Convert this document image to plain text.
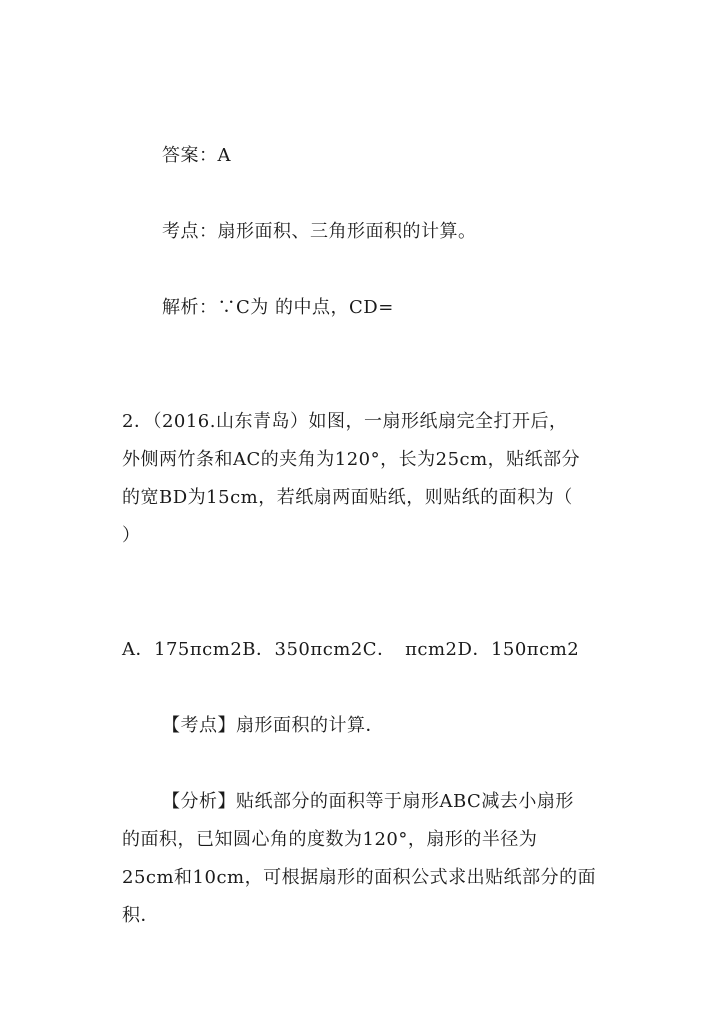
答案：A
考点：扇形面积、三角形面积的计算。
解析：∵C为 的中点，CD=
2．（2016.山东青岛）如图，一扇形纸扇完全打开后，
外侧两竹条和AC的夹角为120°，长为25cm，贴纸部分
的宽BD为15cm，若纸扇两面贴纸，则贴纸的面积为（
）
A．175πcm2B．350πcm2C．　πcm2D．150πcm2
【考点】扇形面积的计算．
【分析】贴纸部分的面积等于扇形ABC减去小扇形
的面积，已知圆心角的度数为120°，扇形的半径为
25cm和10cm，可根据扇形的面积公式求出贴纸部分的面
积．
